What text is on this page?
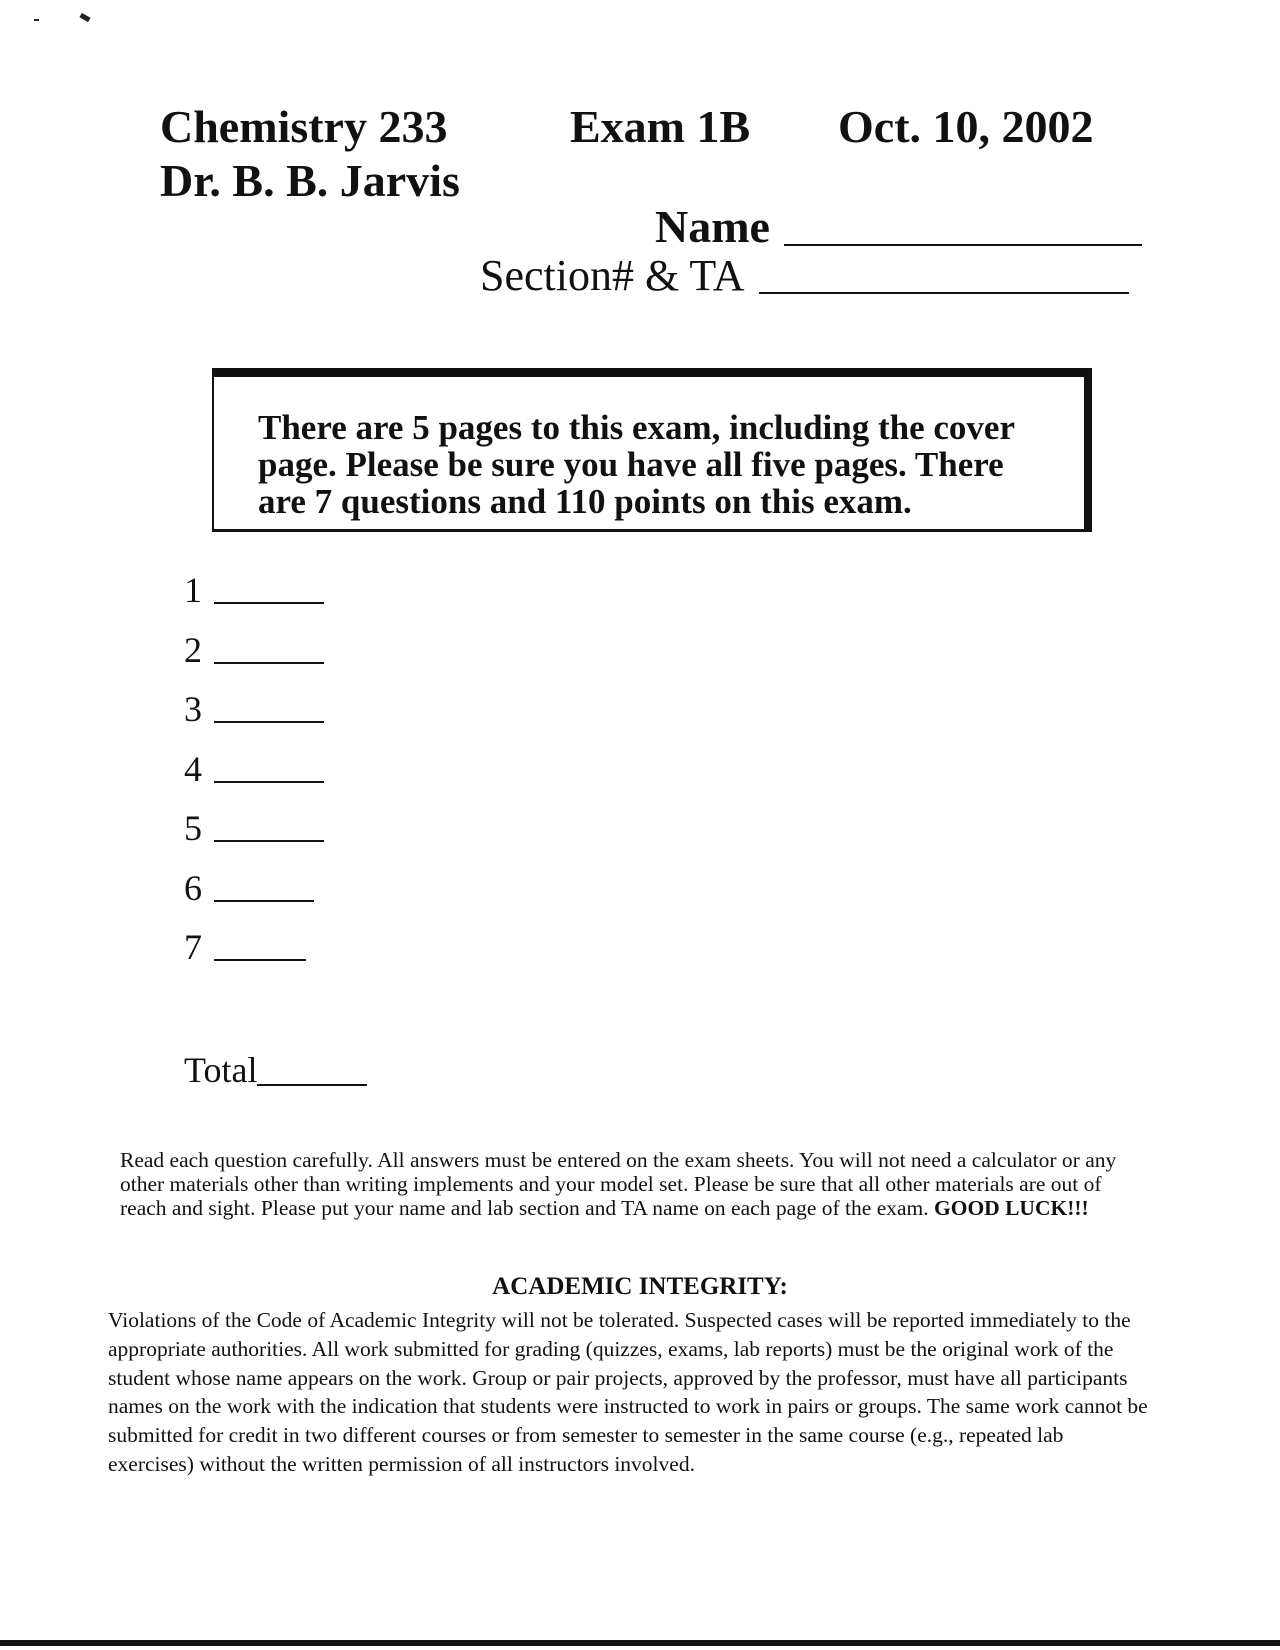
Chemistry 233	Exam 1B Oct. 10, 2002
Dr. B. B. Jarvis
Name
Section# & TA
There are 5 pages to this exam, including the cover page. Please be sure you have all five pages. There are 7 questions and 110 points on this exam.
1
2
3
4
5
6
7
Total

Read each question carefully. All answers must be entered on the exam sheets. You will not need a calculator or any other materials other than writing implements and your model set. Please be sure that all other materials are out of reach and sight. Please put your name and lab section and TA name on each page of the exam. GOOD LUCK!!!

ACADEMIC INTEGRITY:

Violations of the Code of Academic Integrity will not be tolerated. Suspected cases will be reported immediately to the appropriate authorities. All work submitted for grading (quizzes, exams, lab reports) must be the original work of the student whose name appears on the work. Group or pair projects, approved by the professor, must have all participants names on the work with the indication that students were instructed to work in pairs or groups. The same work cannot be submitted for credit in two different courses or from semester to semester in the same course (e.g., repeated lab exercises) without the written permission of all instructors involved.
